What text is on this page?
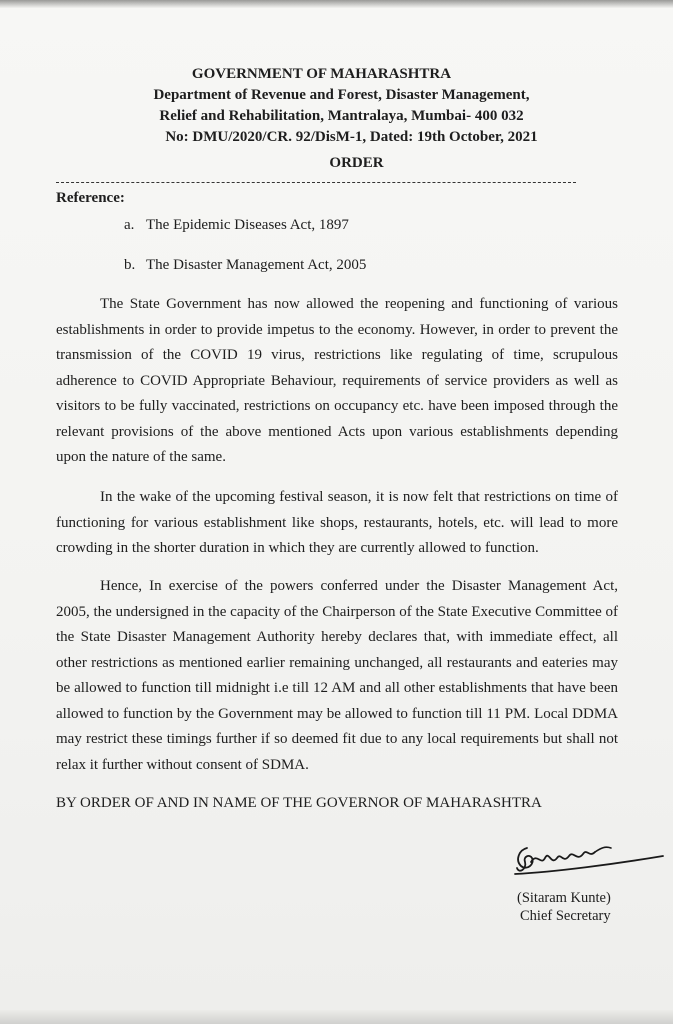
GOVERNMENT OF MAHARASHTRA
Department of Revenue and Forest, Disaster Management,
Relief and Rehabilitation, Mantralaya, Mumbai- 400 032
No: DMU/2020/CR. 92/DisM-1, Dated: 19th October, 2021
ORDER
Reference:
a. The Epidemic Diseases Act, 1897
b. The Disaster Management Act, 2005
The State Government has now allowed the reopening and functioning of various establishments in order to provide impetus to the economy. However, in order to prevent the transmission of the COVID 19 virus, restrictions like regulating of time, scrupulous adherence to COVID Appropriate Behaviour, requirements of service providers as well as visitors to be fully vaccinated, restrictions on occupancy etc. have been imposed through the relevant provisions of the above mentioned Acts upon various establishments depending upon the nature of the same.
In the wake of the upcoming festival season, it is now felt that restrictions on time of functioning for various establishment like shops, restaurants, hotels, etc. will lead to more crowding in the shorter duration in which they are currently allowed to function.
Hence, In exercise of the powers conferred under the Disaster Management Act, 2005, the undersigned in the capacity of the Chairperson of the State Executive Committee of the State Disaster Management Authority hereby declares that, with immediate effect, all other restrictions as mentioned earlier remaining unchanged, all restaurants and eateries may be allowed to function till midnight i.e till 12 AM and all other establishments that have been allowed to function by the Government may be allowed to function till 11 PM. Local DDMA may restrict these timings further if so deemed fit due to any local requirements but shall not relax it further without consent of SDMA.
BY ORDER OF AND IN NAME OF THE GOVERNOR OF MAHARASHTRA
(Sitaram Kunte)
Chief Secretary
